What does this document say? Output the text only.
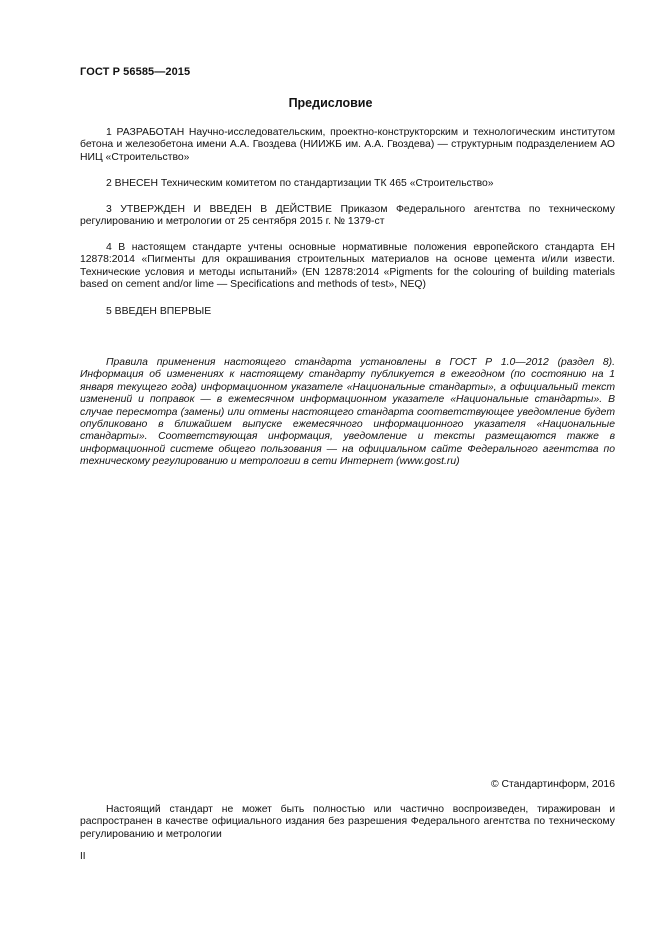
ГОСТ Р 56585—2015
Предисловие

1 РАЗРАБОТАН Научно-исследовательским, проектно-конструкторским и технологическим институтом бетона и железобетона имени А.А. Гвоздева (НИИЖБ им. А.А. Гвоздева) — структурным подразделением АО НИЦ «Строительство»

2 ВНЕСЕН Техническим комитетом по стандартизации ТК 465 «Строительство»

3 УТВЕРЖДЕН И ВВЕДЕН В ДЕЙСТВИЕ Приказом Федерального агентства по техническому регулированию и метрологии от 25 сентября 2015 г. № 1379-ст

4 В настоящем стандарте учтены основные нормативные положения европейского стандарта ЕН 12878:2014 «Пигменты для окрашивания строительных материалов на основе цемента и/или извести. Технические условия и методы испытаний» (EN 12878:2014 «Pigments for the colouring of building materials based on cement and/or lime — Specifications and methods of test», NEQ)

5 ВВЕДЕН ВПЕРВЫЕ

Правила применения настоящего стандарта установлены в ГОСТ Р 1.0—2012 (раздел 8). Информация об изменениях к настоящему стандарту публикуется в ежегодном (по состоянию на 1 января текущего года) информационном указателе «Национальные стандарты», а официальный текст изменений и поправок — в ежемесячном информационном указателе «Национальные стандарты». В случае пересмотра (замены) или отмены настоящего стандарта соответствующее уведомление будет опубликовано в ближайшем выпуске ежемесячного информационного указателя «Национальные стандарты». Соответствующая информация, уведомление и тексты размещаются также в информационной системе общего пользования — на официальном сайте Федерального агентства по техническому регулированию и метрологии в сети Интернет (www.gost.ru)

© Стандартинформ, 2016

Настоящий стандарт не может быть полностью или частично воспроизведен, тиражирован и распространен в качестве официального издания без разрешения Федерального агентства по техническому регулированию и метрологии

II
